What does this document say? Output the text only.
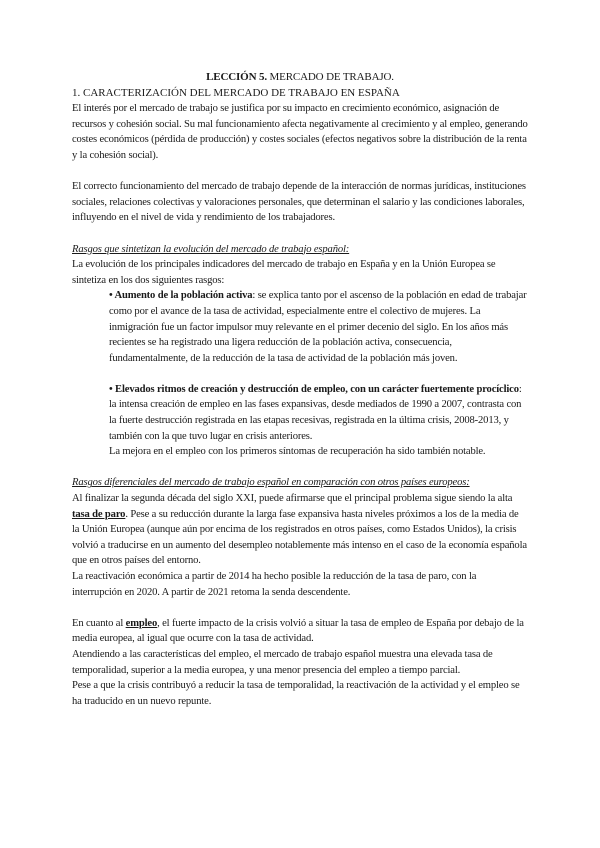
LECCIÓN 5. MERCADO DE TRABAJO.

1. CARACTERIZACIÓN DEL MERCADO DE TRABAJO EN ESPAÑA

El interés por el mercado de trabajo se justifica por su impacto en crecimiento económico, asignación de recursos y cohesión social. Su mal funcionamiento afecta negativamente al crecimiento y al empleo, generando costes económicos (pérdida de producción) y costes sociales (efectos negativos sobre la distribución de la renta y la cohesión social).

El correcto funcionamiento del mercado de trabajo depende de la interacción de normas jurídicas, instituciones sociales, relaciones colectivas y valoraciones personales, que determinan el salario y las condiciones laborales, influyendo en el nivel de vida y rendimiento de los trabajadores.

Rasgos que sintetizan la evolución del mercado de trabajo español:

La evolución de los principales indicadores del mercado de trabajo en España y en la Unión Europea se sintetiza en los dos siguientes rasgos:

• Aumento de la población activa: se explica tanto por el ascenso de la población en edad de trabajar como por el avance de la tasa de actividad, especialmente entre el colectivo de mujeres. La inmigración fue un factor impulsor muy relevante en el primer decenio del siglo. En los años más recientes se ha registrado una ligera reducción de la población activa, consecuencia, fundamentalmente, de la reducción de la tasa de actividad de la población más joven.

• Elevados ritmos de creación y destrucción de empleo, con un carácter fuertemente procíclico: la intensa creación de empleo en las fases expansivas, desde mediados de 1990 a 2007, contrasta con la fuerte destrucción registrada en las etapas recesivas, registrada en la última crisis, 2008-2013, y también con la que tuvo lugar en crisis anteriores.

La mejora en el empleo con los primeros síntomas de recuperación ha sido también notable.

Rasgos diferenciales del mercado de trabajo español en comparación con otros países europeos:

Al finalizar la segunda década del siglo XXI, puede afirmarse que el principal problema sigue siendo la alta tasa de paro. Pese a su reducción durante la larga fase expansiva hasta niveles próximos a los de la media de la Unión Europea (aunque aún por encima de los registrados en otros países, como Estados Unidos), la crisis volvió a traducirse en un aumento del desempleo notablemente más intenso en el caso de la economía española que en otros países del entorno.

La reactivación económica a partir de 2014 ha hecho posible la reducción de la tasa de paro, con la interrupción en 2020. A partir de 2021 retoma la senda descendente.

En cuanto al empleo, el fuerte impacto de la crisis volvió a situar la tasa de empleo de España por debajo de la media europea, al igual que ocurre con la tasa de actividad.

Atendiendo a las características del empleo, el mercado de trabajo español muestra una elevada tasa de temporalidad, superior a la media europea, y una menor presencia del empleo a tiempo parcial.

Pese a que la crisis contribuyó a reducir la tasa de temporalidad, la reactivación de la actividad y el empleo se ha traducido en un nuevo repunte.
